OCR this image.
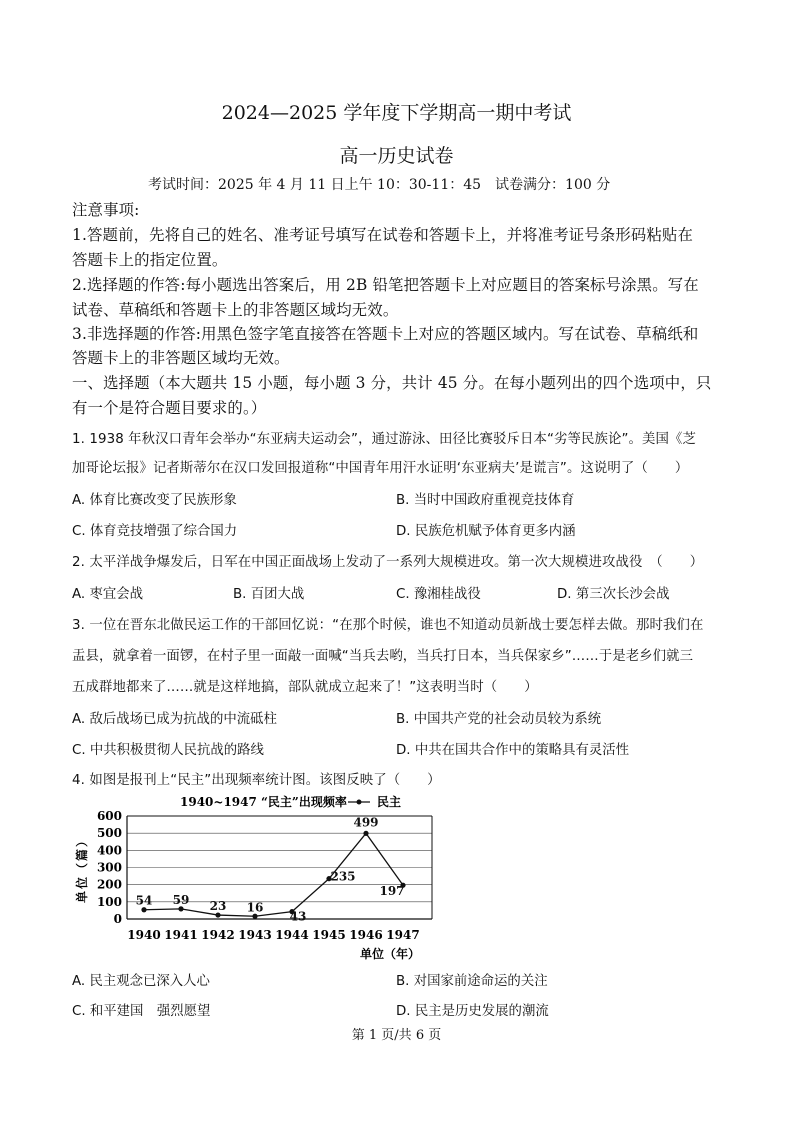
2024—2025 学年度下学期高一期中考试
高一历史试卷
考试时间：2025 年 4 月 11 日上午 10：30-11：45　试卷满分：100 分
注意事项:
1.答题前，先将自己的姓名、准考证号填写在试卷和答题卡上，并将准考证号条形码粘贴在
答题卡上的指定位置。
2.选择题的作答:每小题选出答案后，用 2B 铅笔把答题卡上对应题目的答案标号涂黑。写在
试卷、草稿纸和答题卡上的非答题区域均无效。
3.非选择题的作答:用黑色签字笔直接答在答题卡上对应的答题区域内。写在试卷、草稿纸和
答题卡上的非答题区域均无效。
一、选择题（本大题共 15 小题，每小题 3 分，共计 45 分。在每小题列出的四个选项中，只
有一个是符合题目要求的。）
1. 1938 年秋汉口青年会举办“东亚病夫运动会”，通过游泳、田径比赛驳斥日本“劣等民族论”。美国《芝
加哥论坛报》记者斯蒂尔在汉口发回报道称“中国青年用汗水证明‘东亚病夫’是谎言”。这说明了（　　）
A. 体育比赛改变了民族形象	B. 当时中国政府重视竞技体育
C. 体育竞技增强了综合国力	D. 民族危机赋予体育更多内涵
2. 太平洋战争爆发后，日军在中国正面战场上发动了一系列大规模进攻。第一次大规模进攻战役　（　　）
A. 枣宜会战	B. 百团大战	C. 豫湘桂战役	D. 第三次长沙会战
3. 一位在晋东北做民运工作的干部回忆说：“在那个时候，谁也不知道动员新战士要怎样去做。那时我们在
盂县，就拿着一面锣，在村子里一面敲一面喊“当兵去哟，当兵打日本，当兵保家乡”……于是老乡们就三
五成群地都来了……就是这样地搞，部队就成立起来了！”这表明当时（　　）
A. 敌后战场已成为抗战的中流砥柱	B. 中国共产党的社会动员较为系统
C. 中共积极贯彻人民抗战的路线	D. 中共在国共合作中的策略具有灵活性
4. 如图是报刊上“民主”出现频率统计图。该图反映了（　　）
1940~1947 “民主”出现频率	民主
单位（篇）
单位（年）
0
100
200
300
400
500
600
1940 1941 1942 1943 1944 1945 1946 1947
54 59 23 16
43
235
499
197
A. 民主观念已深入人心	B. 对国家前途命运的关注
C. 和平建国　强烈愿望	D. 民主是历史发展的潮流
第 1 页/共 6 页
